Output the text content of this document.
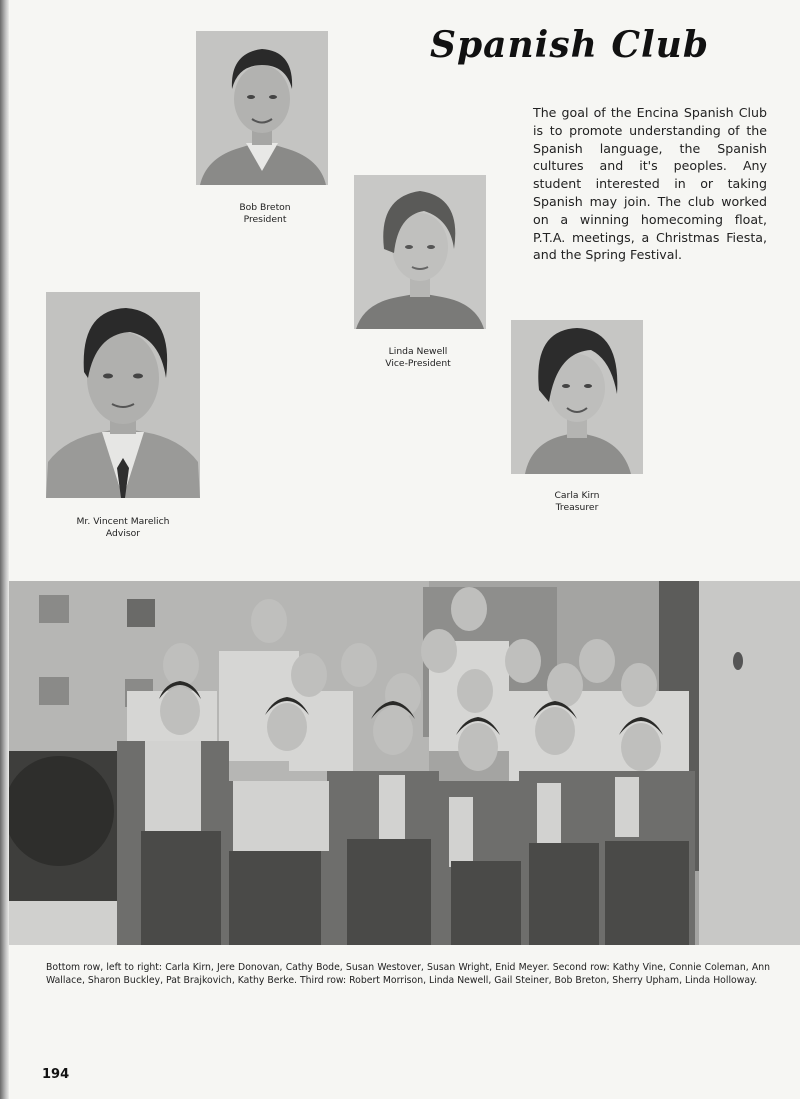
Spanish Club
The goal of the Encina Spanish Club is to promote understanding of the Spanish language, the Spanish cultures and it's peoples. Any student interested in or taking Spanish may join. The club worked on a winning homecoming float, P.T.A. meetings, a Christmas Fiesta, and the Spring Festival.
Bob Breton
President
Linda Newell
Vice-President
Carla Kirn
Treasurer
Mr. Vincent Marelich
Advisor
Bottom row, left to right: Carla Kirn, Jere Donovan, Cathy Bode, Susan Westover, Susan Wright, Enid Meyer. Second row: Kathy Vine, Connie Coleman, Ann Wallace, Sharon Buckley, Pat Brajkovich, Kathy Berke. Third row: Robert Morrison, Linda Newell, Gail Steiner, Bob Breton, Sherry Upham, Linda Holloway.
194
